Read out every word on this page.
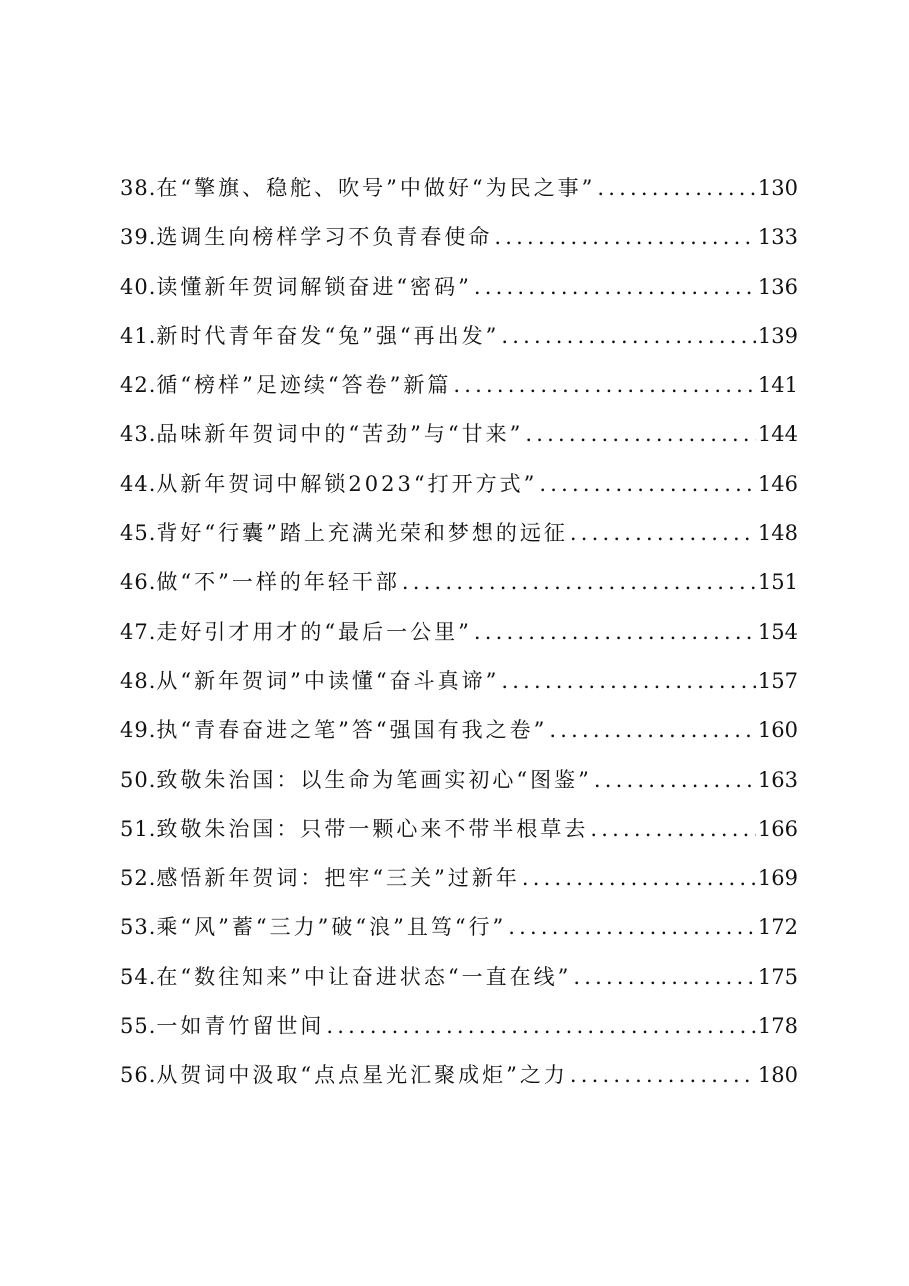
38. 在“擎旗、稳舵、吹号”中做好“为民之事” .....	130
39. 选调生向榜样学习不负青春使命 .....	133
40. 读懂新年贺词解锁奋进“密码” .....	136
41. 新时代青年奋发“兔”强“再出发” .....	139
42. 循“榜样”足迹续“答卷”新篇 .....	141
43. 品味新年贺词中的“苦劲”与“甘来” .....	144
44. 从新年贺词中解锁2023“打开方式” .....	146
45. 背好“行囊”踏上充满光荣和梦想的远征 .....	148
46. 做“不”一样的年轻干部 .....	151
47. 走好引才用才的“最后一公里” .....	154
48. 从“新年贺词”中读懂“奋斗真谛” .....	157
49. 执“青春奋进之笔”答“强国有我之卷” .....	160
50. 致敬朱治国：以生命为笔画实初心“图鉴” .....	163
51. 致敬朱治国：只带一颗心来不带半根草去 .....	166
52. 感悟新年贺词：把牢“三关”过新年 .....	169
53. 乘“风”蓄“三力”破“浪”且笃“行” .....	172
54. 在“数往知来”中让奋进状态“一直在线” .....	175
55. 一如青竹留世间 .....	178
56. 从贺词中汲取“点点星光汇聚成炬”之力 .....	180
